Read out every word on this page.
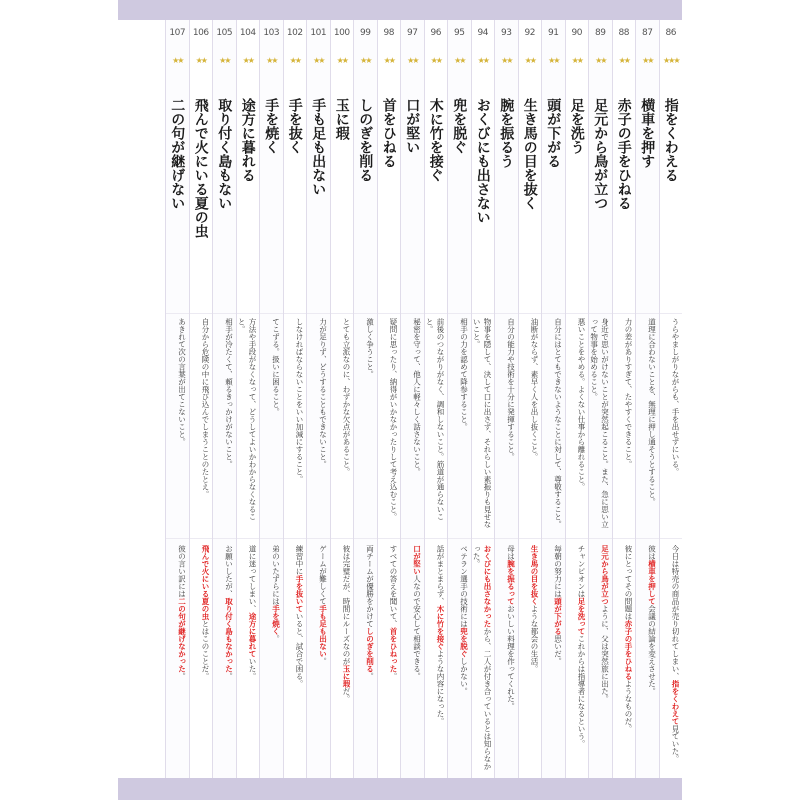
86
★★★
指をくわえる
うらやましがりながらも、手を出せずにいる。
今日は特売の商品が売り切れてしまい、指をくわえて見ていた。
87
★★
横車を押す
道理に合わないことを、無理に押し通そうとすること。
彼は横車を押して会議の結論を変えさせた。
88
★★
赤子の手をひねる
力の差がありすぎて、たやすくできること。
彼にとってその問題は赤子の手をひねるようなものだ。
89
★★
足元から鳥が立つ
身近で思いがけないことが突然起こること。また、急に思い立って物事を始めること。
足元から鳥が立つように、父は突然旅に出た。
90
★★
足を洗う
悪いことをやめる。よくない仕事から離れること。
チャンピオンは足を洗ってこれからは指導者になるという。
91
★★
頭が下がる
自分にはとてもできないようなことに対して、尊敬すること。
毎朝の努力には頭が下がる思いだ。
92
★★
生き馬の目を抜く
油断がならず、素早く人を出し抜くこと。
生き馬の目を抜くような都会の生活。
93
★★
腕を振るう
自分の能力や技術を十分に発揮すること。
母は腕を振るっておいしい料理を作ってくれた。
94
★★
おくびにも出さない
物事を隠して、決して口に出さず、それらしい素振りも見せないこと。
おくびにも出さなかったから、二人が付き合っているとは知らなかった。
95
★★
兜を脱ぐ
相手の力を認めて降参すること。
ベテラン選手の技術には兜を脱ぐしかない。
96
★★
木に竹を接ぐ
前後のつながりがなく、調和しないこと。筋道が通らないこと。
話がまとまらず、木に竹を接ぐような内容になった。
97
★★
口が堅い
秘密を守って、他人に軽々しく話さないこと。
口が堅い人なので安心して相談できる。
98
★★
首をひねる
疑問に思ったり、納得がいかなかったりして考え込むこと。
すべての答えを聞いて、首をひねった。
99
★★
しのぎを削る
激しく争うこと。
両チームが優勝をかけてしのぎを削る。
100
★★
玉に瑕
とても立派なのに、わずかな欠点があること。
彼は完璧だが、時間にルーズなのが玉に瑕だ。
101
★★
手も足も出ない
力が足りず、どうすることもできないこと。
ゲームが難しくて手も足も出ない。
102
★★
手を抜く
しなければならないことをいい加減にすること。
練習中に手を抜いていると、試合で困る。
103
★★
手を焼く
てこずる。扱いに困ること。
弟のいたずらには手を焼く。
104
★★
途方に暮れる
方法や手段がなくなって、どうしてよいかわからなくなること。
道に迷ってしまい、途方に暮れていた。
105
★★
取り付く島もない
相手が冷たくて、頼るきっかけがないこと。
お願いしたが、取り付く島もなかった。
106
★★
飛んで火にいる夏の虫
自分から危険の中に飛び込んでしまうことのたとえ。
飛んで火にいる夏の虫とはこのことだ。
107
★★
二の句が継げない
あきれて次の言葉が出てこないこと。
彼の言い訳には二の句が継げなかった。
